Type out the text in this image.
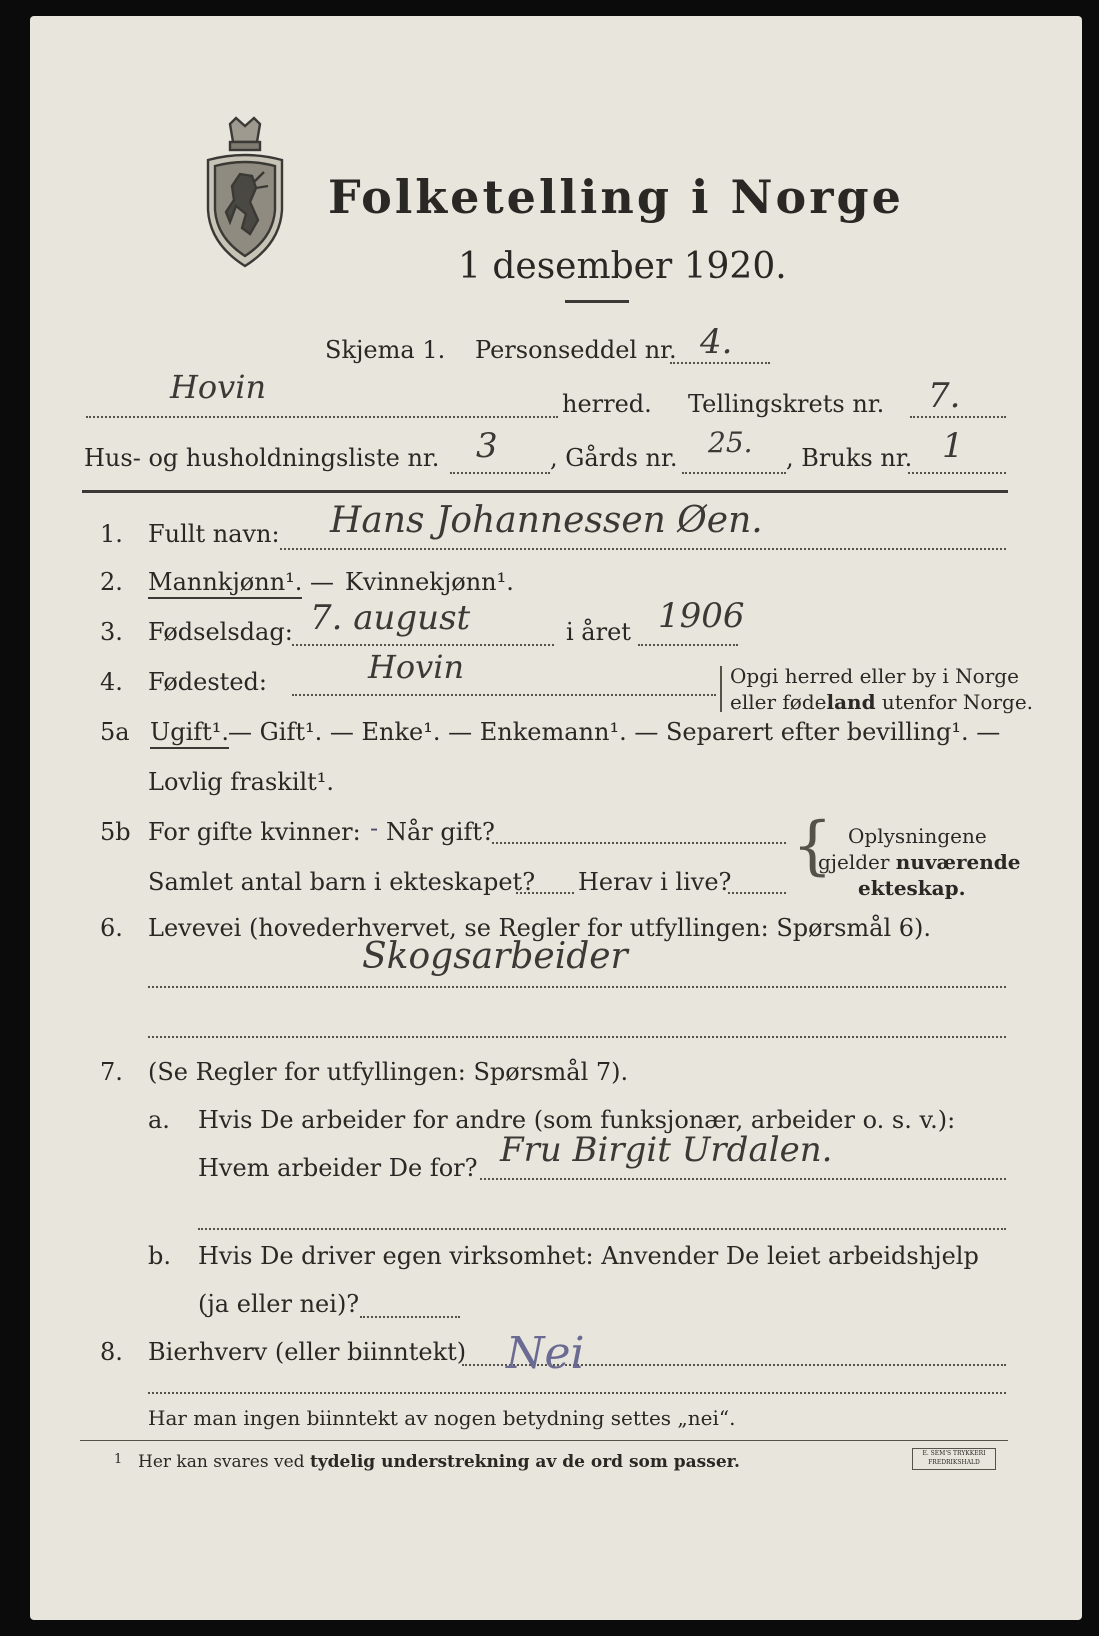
Folketelling i Norge
1 desember 1920.
Skjema 1. Personseddel nr. 4.
Hovin	herred. Tellingskrets nr. 7.
Hus- og husholdningsliste nr. 3 , Gårds nr. 25. , Bruks nr. 1
1. Fullt navn: Hans Johannessen Øen.
2. Mannkjønn¹. — Kvinnekjønn¹.
3. Fødselsdag: 7. august	i året 1906
4. Fødested:	Hovin	Opgi herred eller by i Norge
eller fødeland utenfor Norge.
5a Ugift¹.
— Gift¹. — Enke¹. — Enkemann¹. — Separert efter bevilling¹. —
Lovlig fraskilt¹.
5b For gifte kvinner: - Når gift?
Samlet antal barn i ekteskapet? Herav i live? { Oplysningene
gjelder nuværende
ekteskap.
6. Levevei (hovederhvervet, se Regler for utfyllingen: Spørsmål 6).
Skogsarbeider
7. (Se Regler for utfyllingen: Spørsmål 7).
a. Hvis De arbeider for andre (som funksjonær, arbeider o. s. v.):
Hvem arbeider De for? Fru Birgit Urdalen.
b. Hvis De driver egen virksomhet: Anvender De leiet arbeidshjelp
(ja eller nei)?
8. Bierhverv (eller biinntekt) Nei
Har man ingen biinntekt av nogen betydning settes „nei“.
1 Her kan svares ved tydelig understrekning av de ord som passer.	E. SEM'S TRYKKERI
FREDRIKSHALD
